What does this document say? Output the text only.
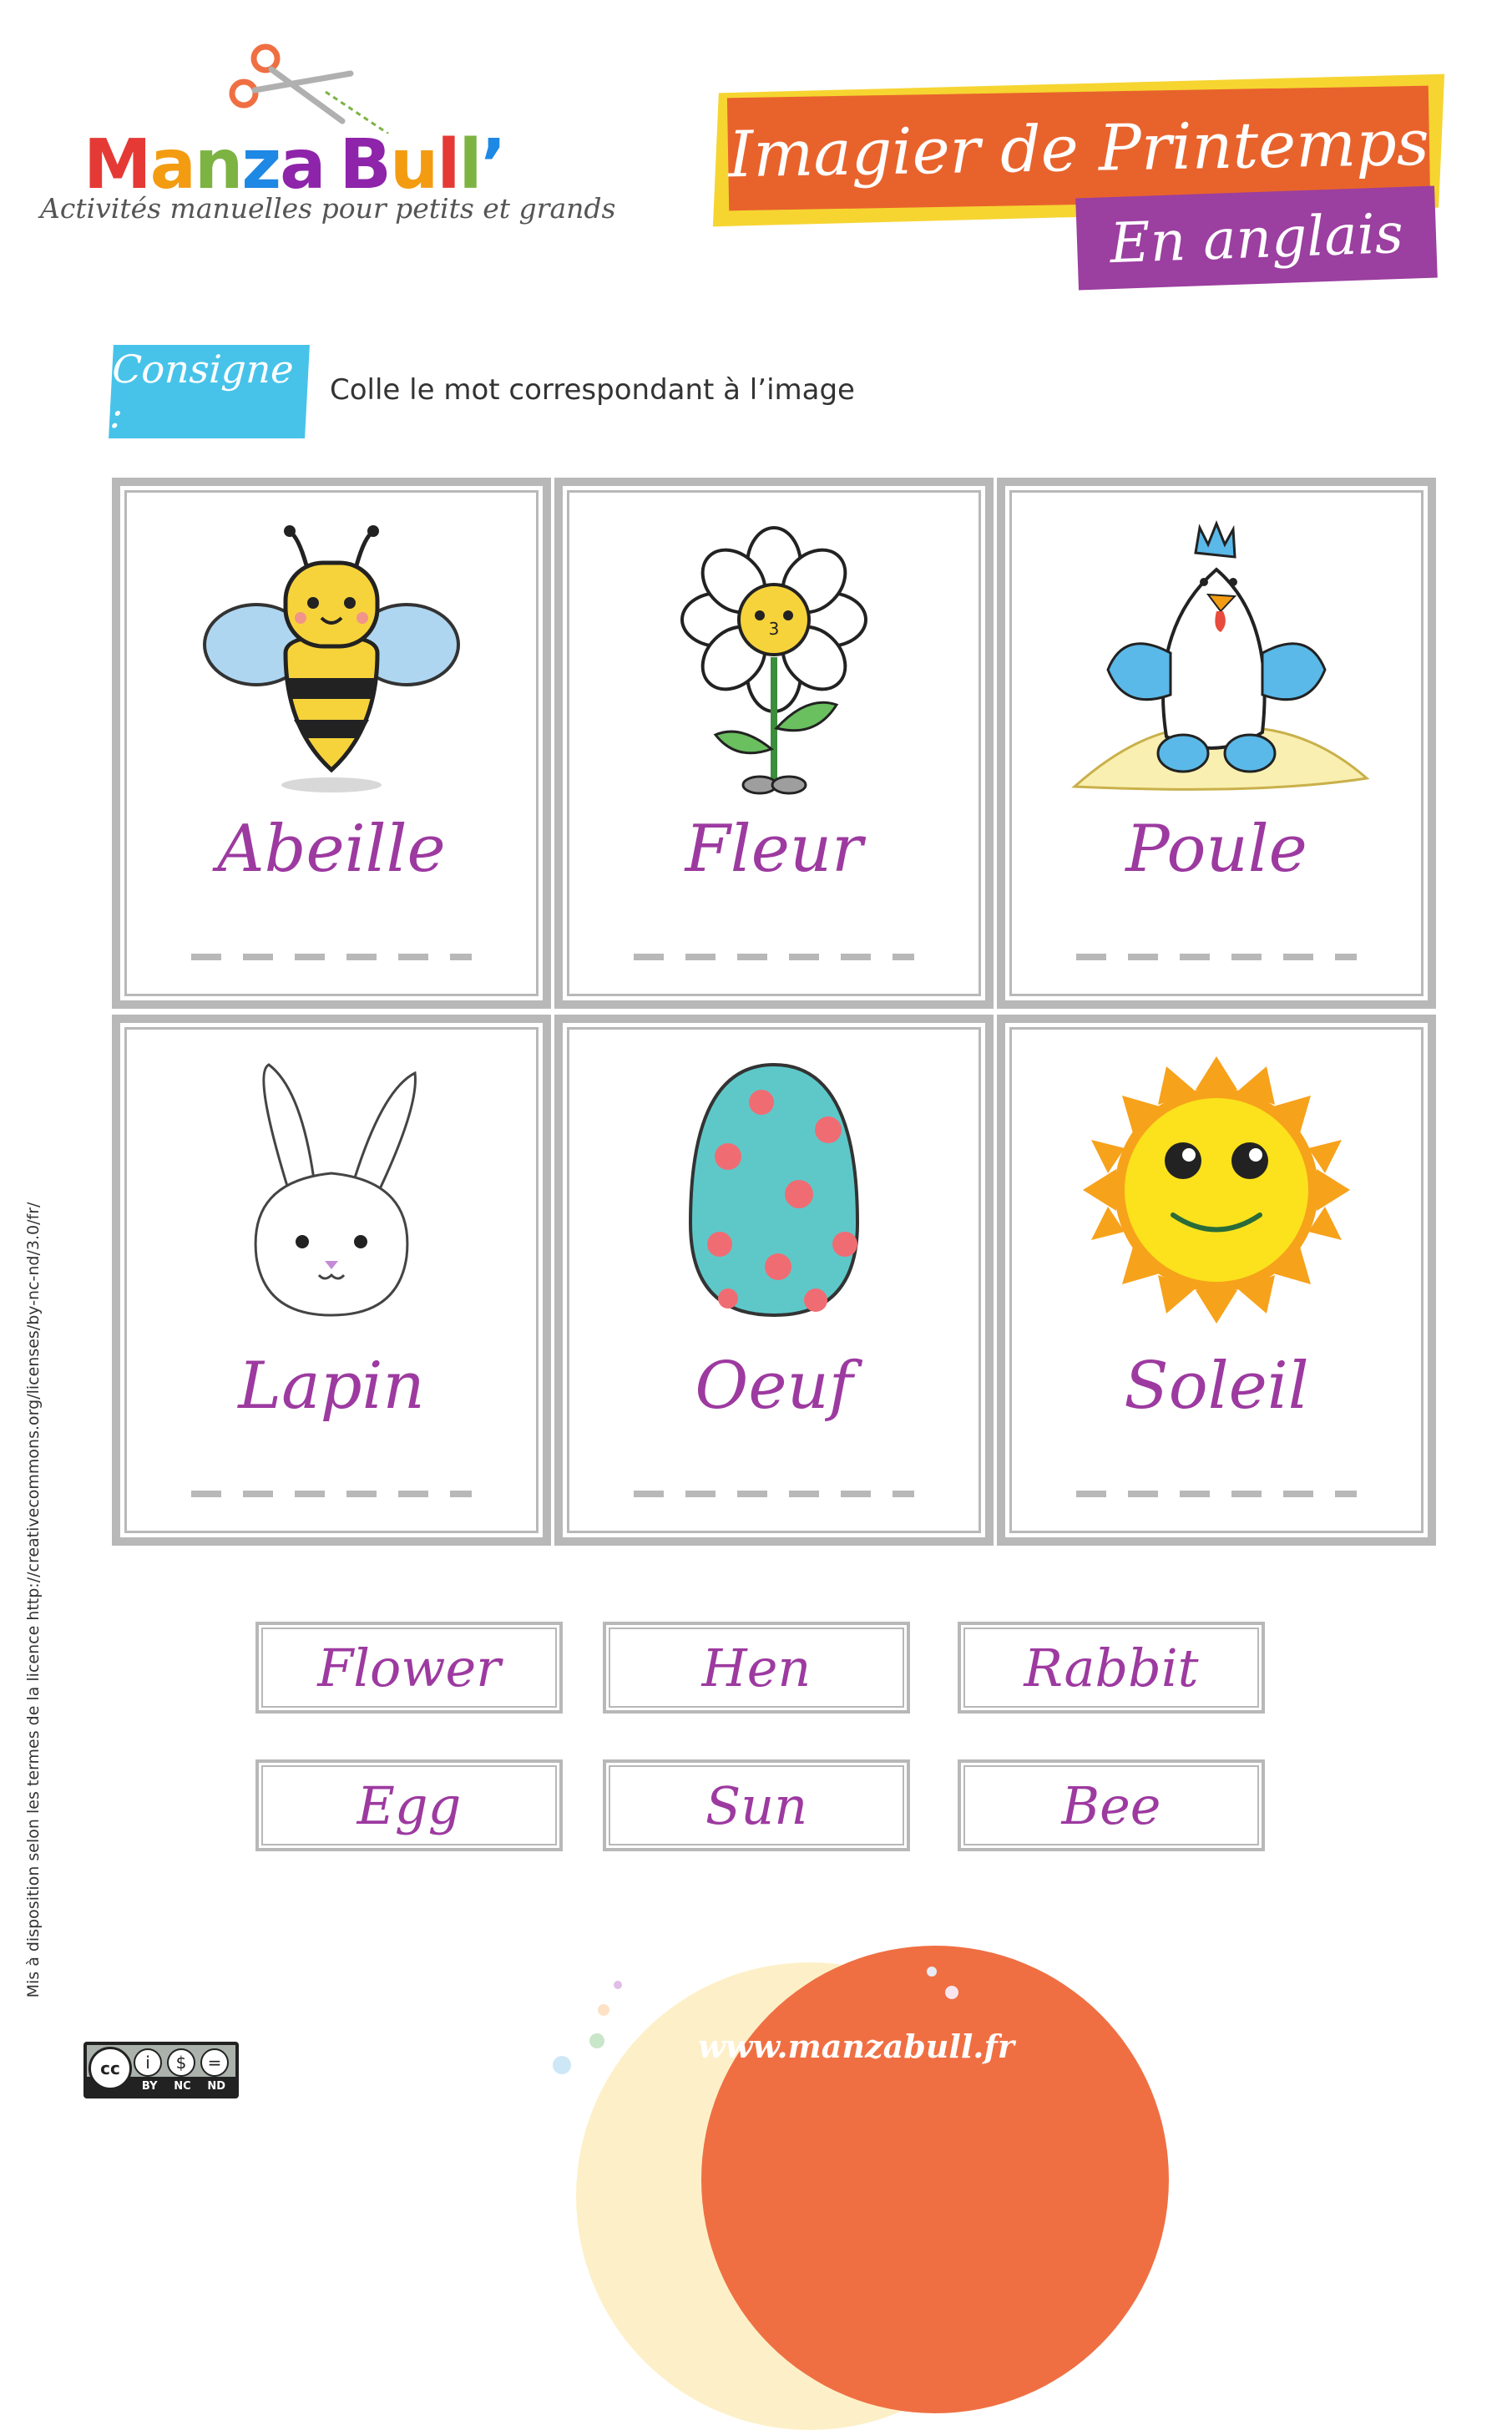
Manza Bull’
Activités manuelles pour petits et grands
Imagier de Printemps
En anglais
Consigne :
Colle le mot correspondant à l’image
Abeille
3
Fleur	Poule
Lapin	Oeuf	Soleil
Flower	Hen	Rabbit
Egg	Sun	Bee
Mis à disposition selon les termes de la licence http://creativecommons.org/licenses/by-nc-nd/3.0/fr/
cc	i	$	=
BY NC ND
www.manzabull.fr
